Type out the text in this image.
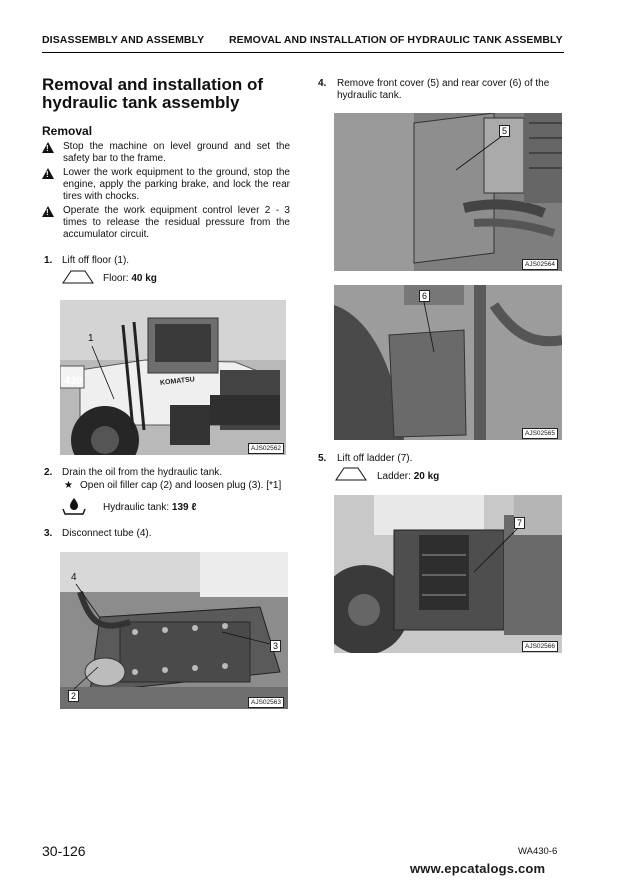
DISASSEMBLY AND ASSEMBLY REMOVAL AND INSTALLATION OF HYDRAULIC TANK ASSEMBLY
Removal and installation of
hydraulic tank assembly
Removal
!
Stop the machine on level ground and set the safety bar to the frame.
!
Lower the work equipment to the ground, stop the engine, apply the parking brake, and lock the rear tires with chocks.
!
Operate the work equipment control lever 2 - 3 times to release the residual pressure from the accumulator circuit.
1. Lift off floor (1).
Floor: 40 kg
430	KOMATSU
1
AJS02562
2. Drain the oil from the hydraulic tank.
★ Open oil filler cap (2) and loosen plug (3). [*1]
Hydraulic tank: 139 ℓ
3. Disconnect tube (4).
4
3
2
AJS02563
4. Remove front cover (5) and rear cover (6) of the
hydraulic tank.
5
AJS02564
6
AJS02565
5. Lift off ladder (7).
Ladder: 20 kg
7
AJS02566
30-126	WA430-6
www.epcatalogs.com
